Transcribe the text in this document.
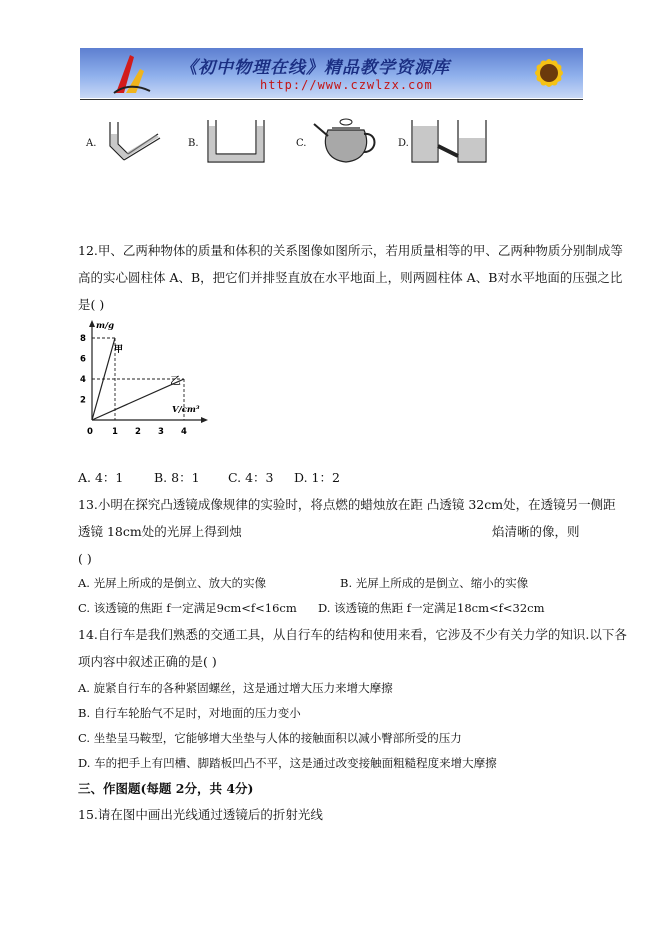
《初中物理在线》精品教学资源库
http://www.czwlzx.com
A.	B.	C.	D.
12.甲、乙两种物体的质量和体积的关系图像如图所示，若用质量相等的甲、乙两种物质分别制成等
高的实心圆柱体 A、B，把它们并排竖直放在水平地面上，则两圆柱体 A、B对水平地面的压强之比
是( )
m/g
V/cm³
8
6
4
2
0 1 2 3 4
甲
乙
A. 4：1 B. 8：1 C. 4：3 D. 1：2
13.小明在探究凸透镜成像规律的实验时，将点燃的蜡烛放在距 凸透镜 32cm处，在透镜另一侧距
透镜 18cm处的光屏上得到烛	焰清晰的像，则
( )
A. 光屏上所成的是倒立、放大的实像	B. 光屏上所成的是倒立、缩小的实像
C. 该透镜的焦距 f一定满足9cm<f<16cm D. 该透镜的焦距 f一定满足18cm<f<32cm
14.自行车是我们熟悉的交通工具，从自行车的结构和使用来看，它涉及不少有关力学的知识.以下各
项内容中叙述正确的是( )
A. 旋紧自行车的各种紧固螺丝，这是通过增大压力来增大摩擦
B. 自行车轮胎气不足时，对地面的压力变小
C. 坐垫呈马鞍型，它能够增大坐垫与人体的接触面积以减小臀部所受的压力
D. 车的把手上有凹槽、脚踏板凹凸不平，这是通过改变接触面粗糙程度来增大摩擦
三、作图题(每题 2分，共 4分)
15.请在图中画出光线通过透镜后的折射光线
